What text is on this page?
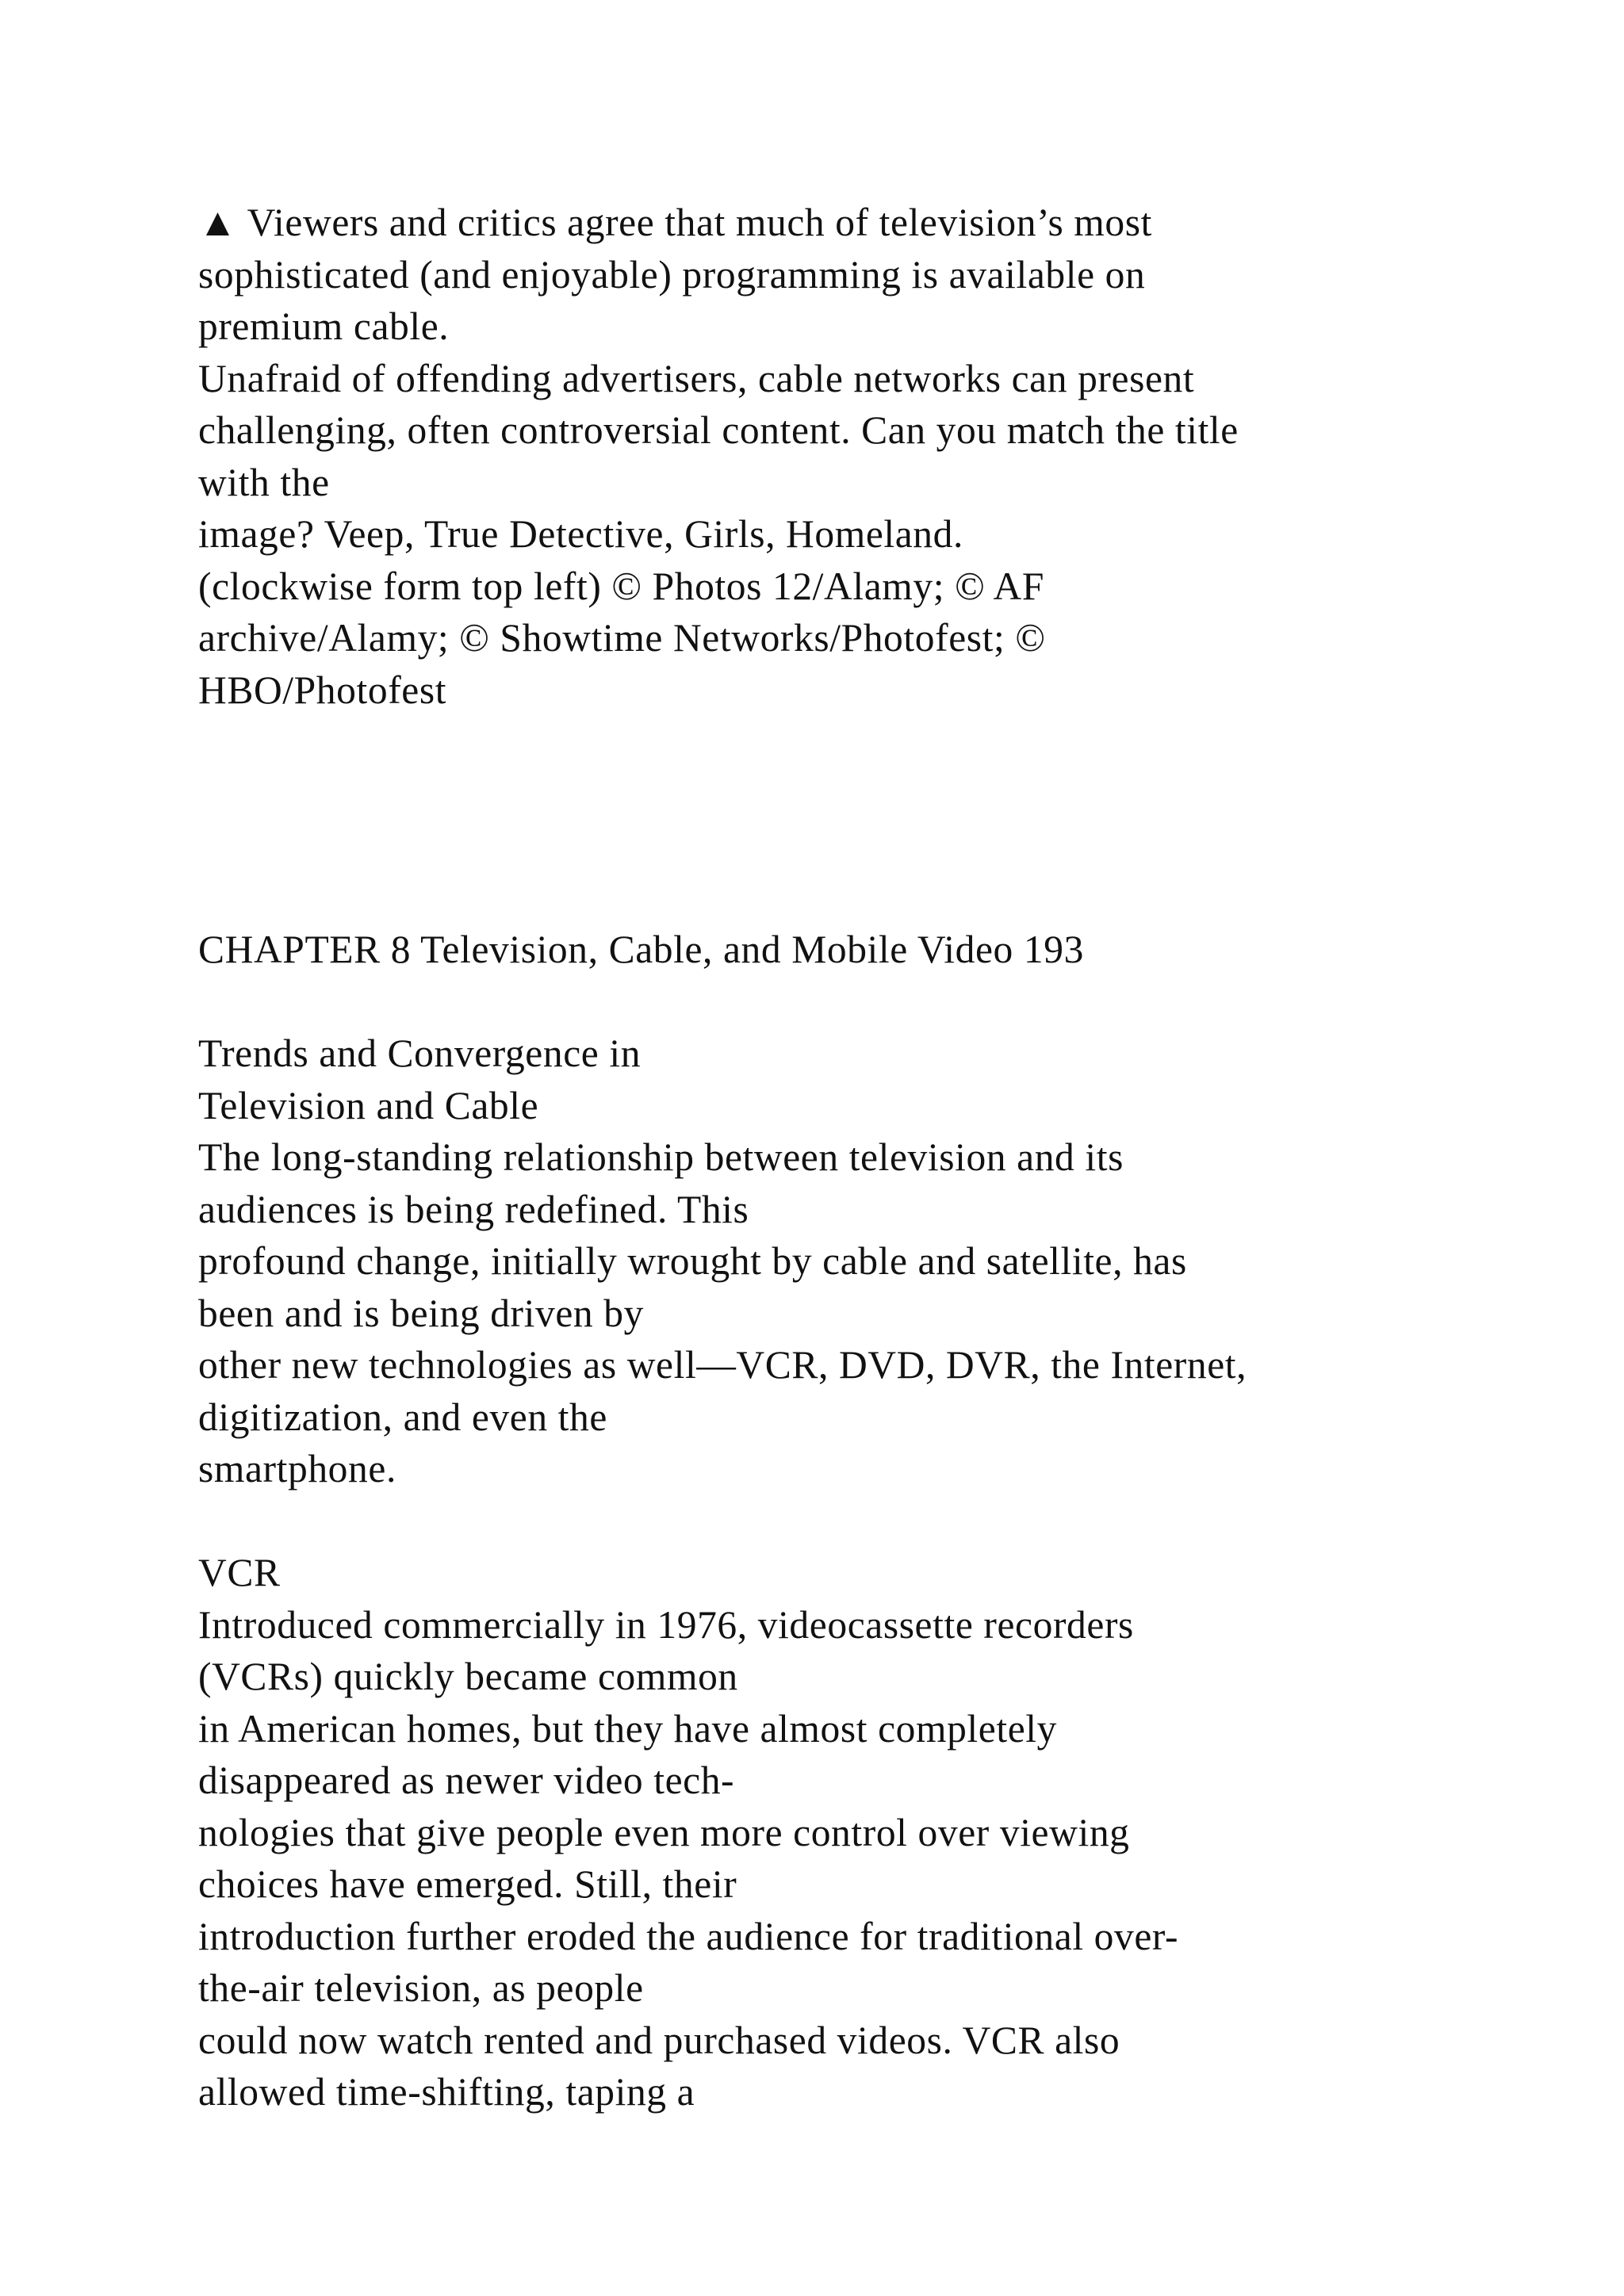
▲ Viewers and critics agree that much of television’s most
sophisticated (and enjoyable) programming is available on
premium cable.
Unafraid of offending advertisers, cable networks can present
challenging, often controversial content. Can you match the title
with the
image? Veep, True Detective, Girls, Homeland.
(clockwise form top left) © Photos 12/Alamy; © AF
archive/Alamy; © Showtime Networks/Photofest; ©
HBO/Photofest
CHAPTER 8 Television, Cable, and Mobile Video 193
Trends and Convergence in
Television and Cable
The long-standing relationship between television and its
audiences is being redefined. This
profound change, initially wrought by cable and satellite, has
been and is being driven by
other new technologies as well—VCR, DVD, DVR, the Internet,
digitization, and even the
smartphone.
VCR
Introduced commercially in 1976, videocassette recorders
(VCRs) quickly became common
in American homes, but they have almost completely
disappeared as newer video tech-
nologies that give people even more control over viewing
choices have emerged. Still, their
introduction further eroded the audience for traditional over-
the-air television, as people
could now watch rented and purchased videos. VCR also
allowed time-shifting, taping a
